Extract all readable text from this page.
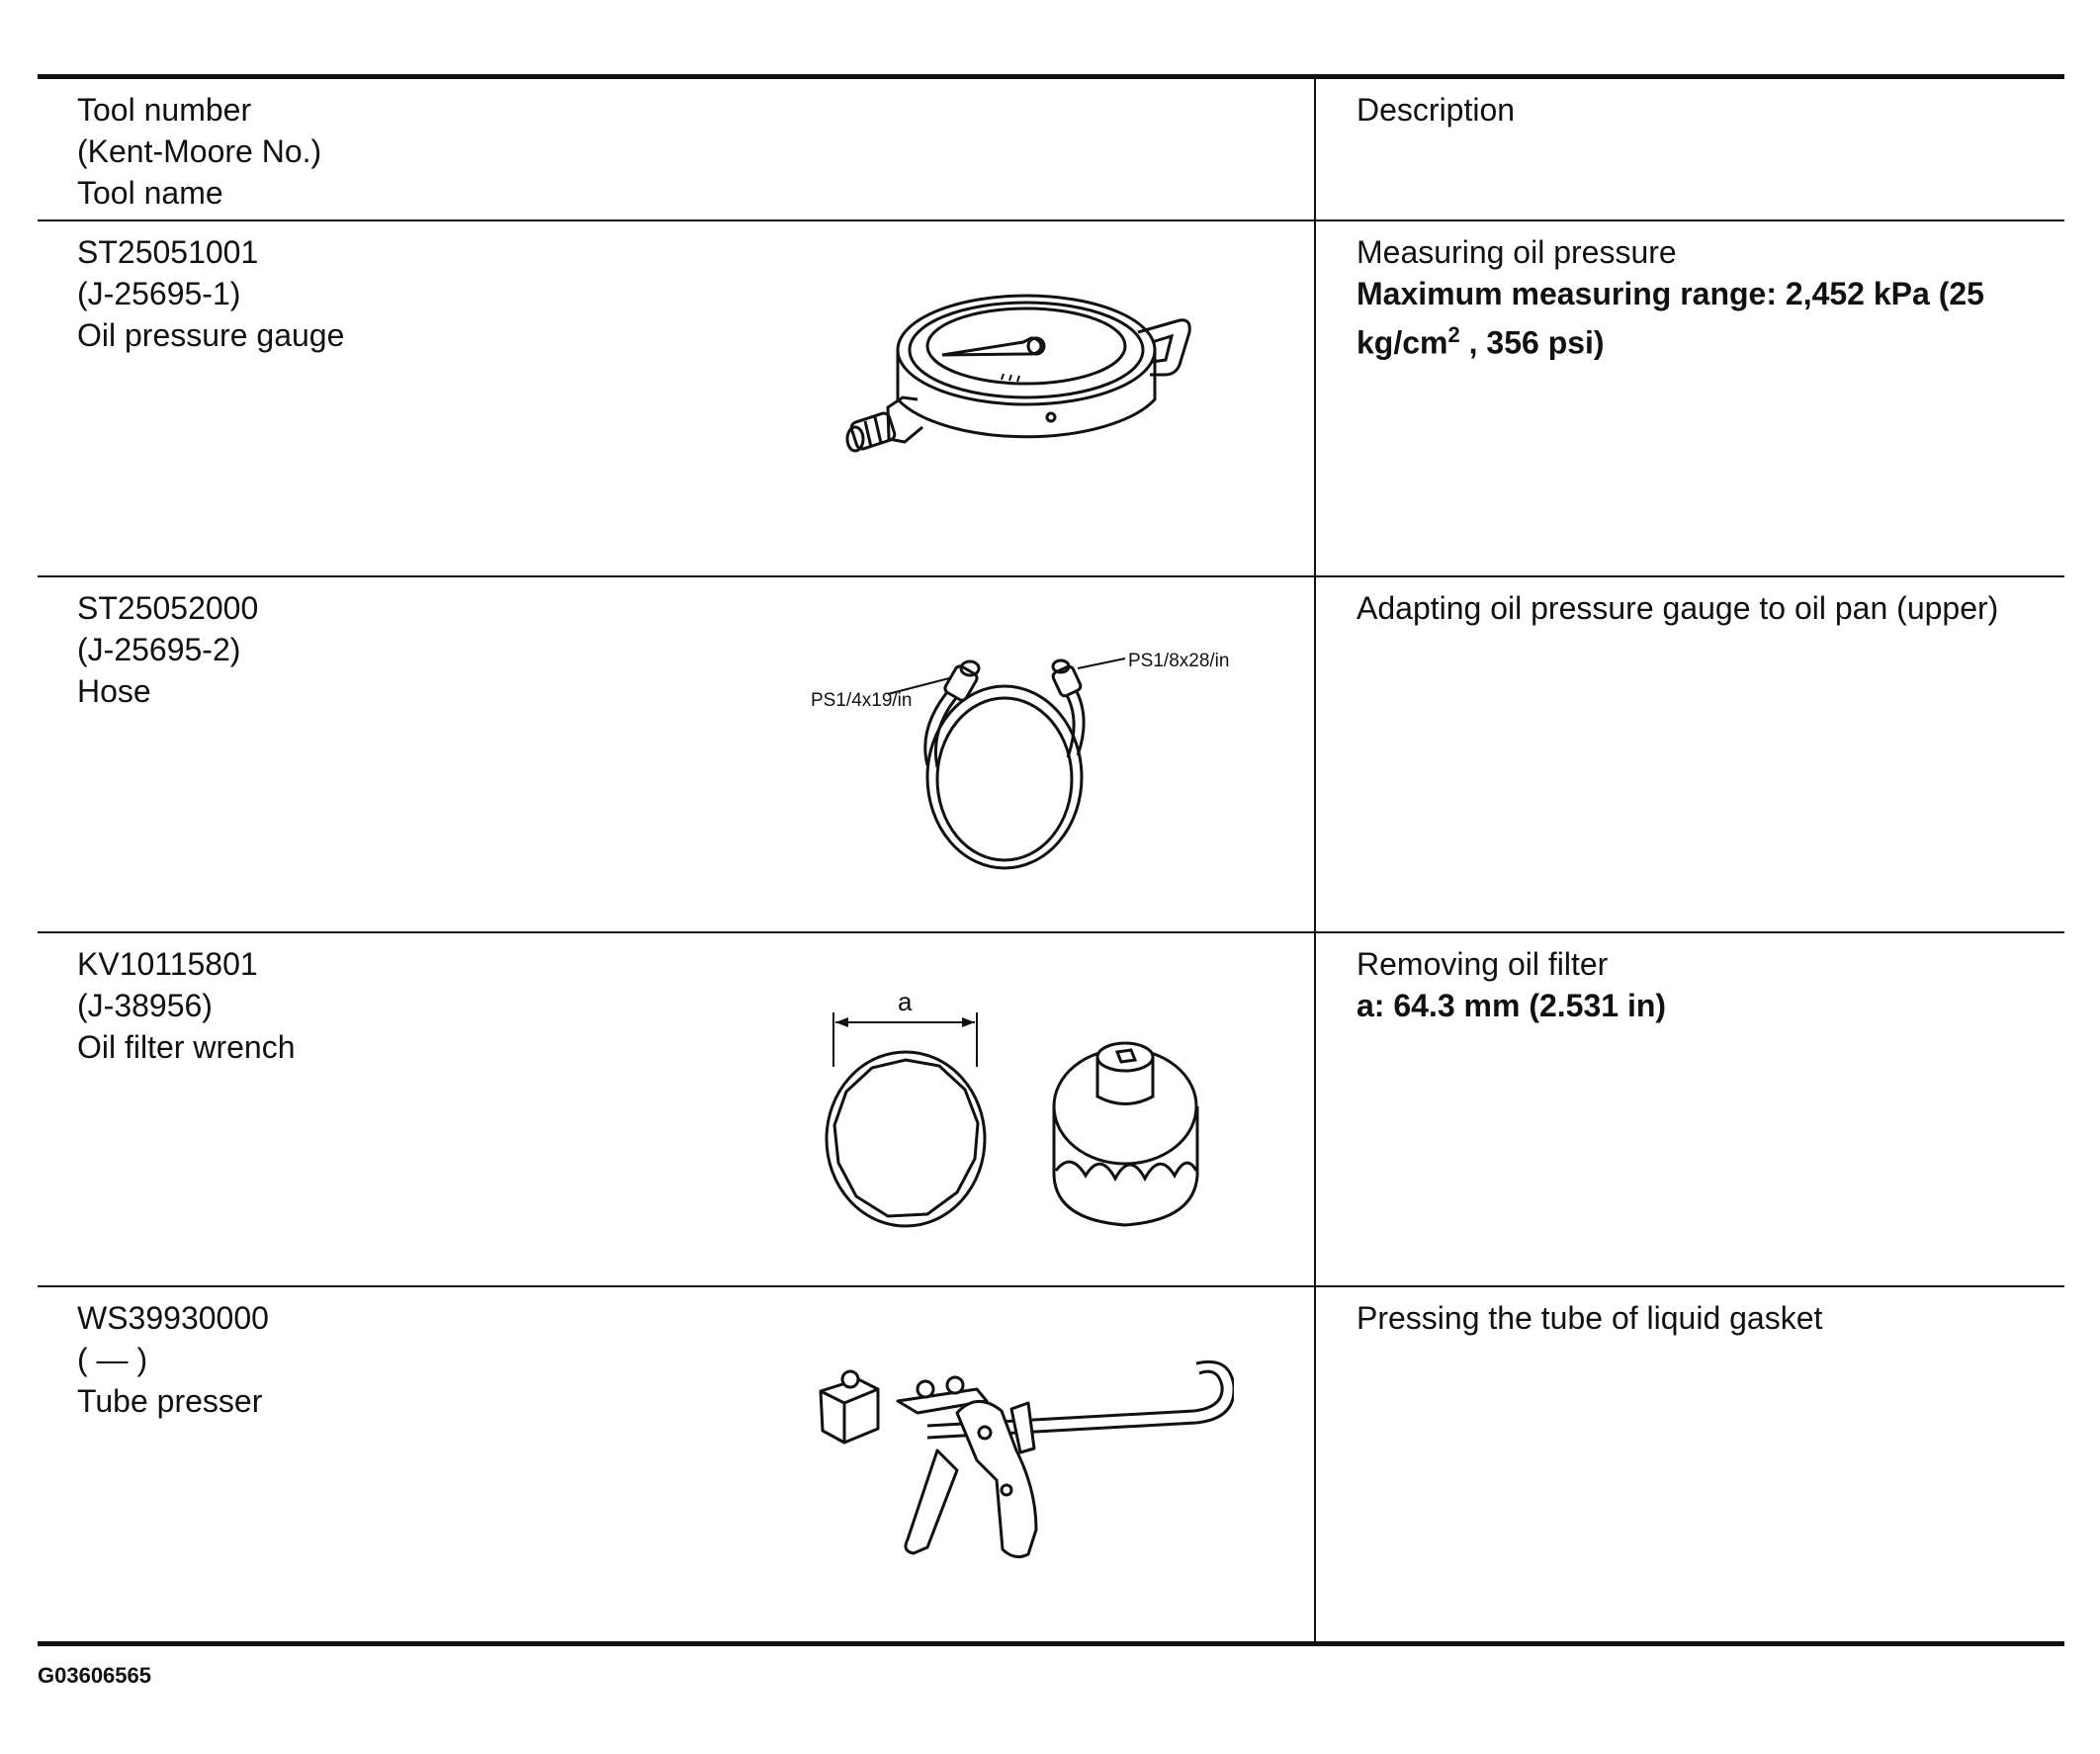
Tool number
(Kent-Moore No.)
Tool name
Description
ST25051001
(J-25695-1)
Oil pressure gauge
Measuring oil pressure
Maximum measuring range: 2,452 kPa (25 $kg/cm^2$ , 356 psi)
ST25052000
(J-25695-2)
Hose	PS1/4x19/in
PS1/8x28/in
Adapting oil pressure gauge to oil pan (upper)
KV10115801
(J-38956)
Oil filter wrench
a
Removing oil filter
a: 64.3 mm (2.531 in)
WS39930000
( — )
Tube presser
Pressing the tube of liquid gasket
G03606565
